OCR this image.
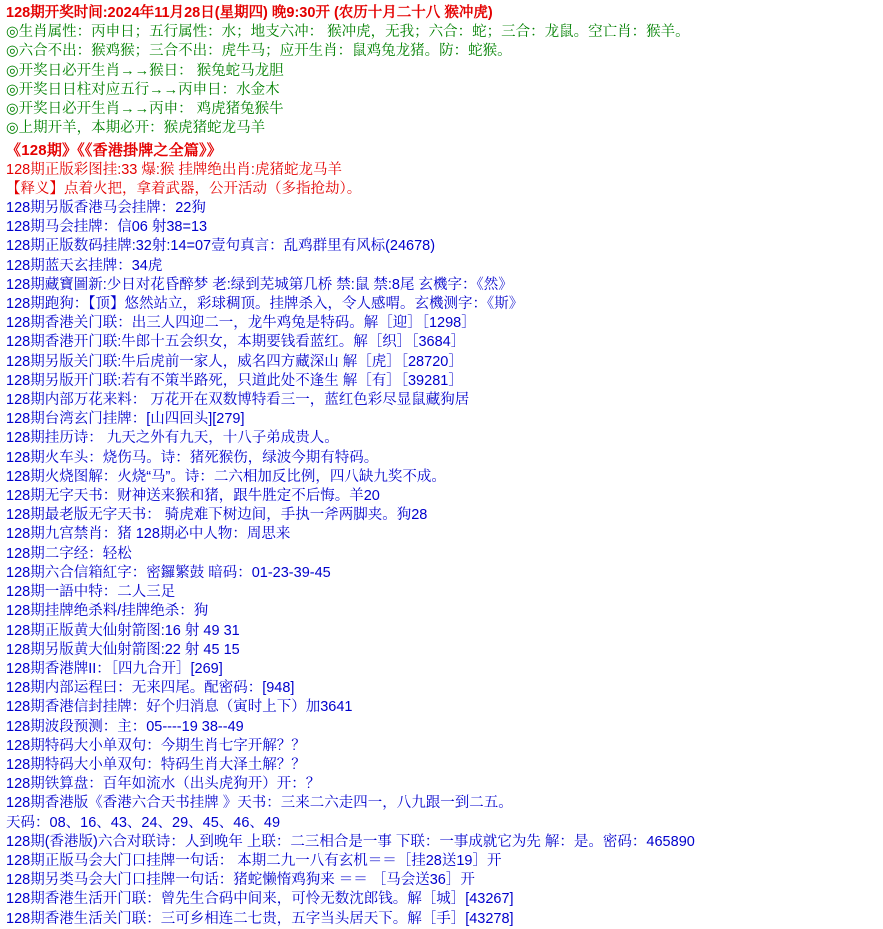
128期开奖时间:2024年11月28日(星期四) 晚9:30开 (农历十月二十八 猴冲虎)
◎生肖属性：丙申日；五行属性：水；地支六冲： 猴冲虎，无我；六合：蛇；三合：龙鼠。空亡肖：猴羊。
◎六合不出：猴鸡猴；三合不出：虎牛马；应开生肖：鼠鸡兔龙猪。防：蛇猴。
◎开奖日必开生肖→→猴日： 猴兔蛇马龙胆
◎开奖日日柱对应五行→→丙申日：水金木
◎开奖日必开生肖→→丙申： 鸡虎猪兔猴牛
◎上期开羊，本期必开：猴虎猪蛇龙马羊
《128期》《《香港掛牌之全篇》》
128期正版彩图挂:33 爆:猴 挂牌绝出肖:虎猪蛇龙马羊
【释义】点着火把，拿着武器，公开活动（多指抢劫）。
128期另版香港马会挂牌：22狗
128期马会挂牌：信06 射38=13
128期正版数码挂牌:32射:14=07壹句真言：乱鸡群里有风标(24678)
128期蓝天玄挂牌：34虎
128期藏寶圖新:少日对花昏醉梦 老:绿到芜城第几桥 禁:鼠 禁:8尾 玄機字：《然》
128期跑狗：【顶】悠然站立，彩球稠顶。挂牌杀入，令人感喟。玄機测字：《斯》
128期香港关门联：出三人四迎二一，龙牛鸡兔是特码。解［迎］［1298］
128期香港开门联:牛郎十五会织女，本期要钱看蓝红。解［织］［3684］
128期另版关门联:牛后虎前一家人，威名四方藏深山 解［虎］［28720］
128期另版开门联:若有不策半路死，只道此处不逢生 解［有］［39281］
128期内部万花来料： 万花开在双数博特看三一，蓝红色彩尽显鼠藏狗居
128期台湾玄门挂牌：[山四回头][279]
128期挂历诗： 九天之外有九天，十八子弟成贵人。
128期火车头：烧伤马。诗：猪死猴伤，绿波今期有特码。
128期火烧图解：火烧“马”。诗：二六相加反比例，四八缺九奖不成。
128期无字天书：财神送来猴和猪，跟牛胜定不后悔。羊20
128期最老版无字天书： 骑虎难下树边间，手执一斧两脚夹。狗28
128期九宫禁肖：猪 128期必中人物：周思来
128期二字经：轻松
128期六合信箱紅字：密鑼繁鼓 暗码：01-23-39-45
128期一語中特：二人三足
128期挂牌绝杀料/挂牌绝杀：狗
128期正版黄大仙射箭图:16 射 49 31
128期另版黄大仙射箭图:22 射 45 15
128期香港牌II：［四九合开］[269]
128期内部运程曰：无来四尾。配密码：[948]
128期香港信封挂牌：好个归消息（寅时上下）加3641
128期波段预测：主：05----19 38--49
128期特码大小单双句：今期生肖七字开解？？
128期特码大小单双句：特码生肖大泽土解？？
128期铁算盘：百年如流水（出头虎狗开）开：？
128期香港版《香港六合天书挂牌 》天书：三来二六走四一，八九跟一到二五。
天码：08、16、43、24、29、45、46、49
128期(香港版)六合对联诗：人到晚年 上联：二三相合是一事 下联：一事成就它为先 解：是。密码：465890
128期正版马会大门口挂牌一句话： 本期二九一八有玄机＝＝［挂28送19］开
128期另类马会大门口挂牌一句话：猪蛇懒惰鸡狗来 ＝＝ ［马会送36］开
128期香港生活开门联：曾先生合码中间来，可怜无数沈郎钱。解［城］[43267]
128期香港生活关门联：三可乡相连二七贵，五字当头居天下。解［手］[43278]
